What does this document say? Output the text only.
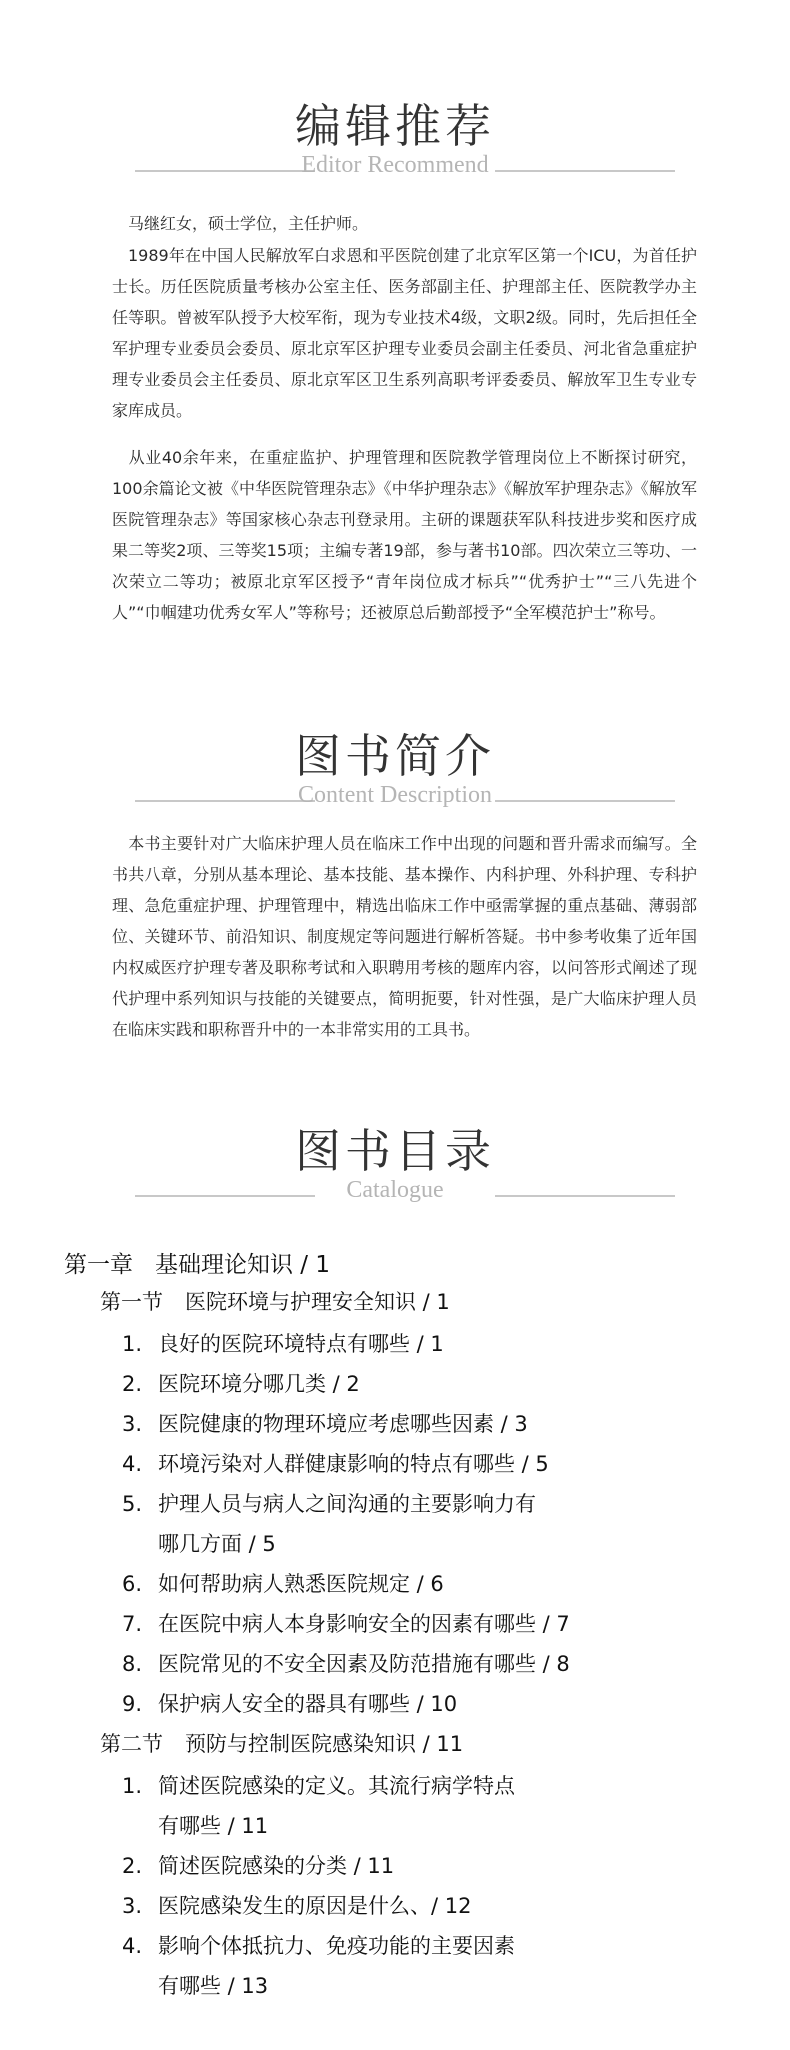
编辑推荐
Editor Recommend

马继红女，硕士学位，主任护师。

1989年在中国人民解放军白求恩和平医院创建了北京军区第一个ICU，为首任护士长。历任医院质量考核办公室主任、医务部副主任、护理部主任、医院教学办主任等职。曾被军队授予大校军衔，现为专业技术4级，文职2级。同时，先后担任全军护理专业委员会委员、原北京军区护理专业委员会副主任委员、河北省急重症护理专业委员会主任委员、原北京军区卫生系列高职考评委委员、解放军卫生专业专家库成员。

从业40余年来，在重症监护、护理管理和医院教学管理岗位上不断探讨研究，100余篇论文被《中华医院管理杂志》《中华护理杂志》《解放军护理杂志》《解放军医院管理杂志》等国家核心杂志刊登录用。主研的课题获军队科技进步奖和医疗成果二等奖2项、三等奖15项；主编专著19部，参与著书10部。四次荣立三等功、一次荣立二等功；被原北京军区授予“青年岗位成才标兵”“优秀护士”“三八先进个人”“巾帼建功优秀女军人”等称号；还被原总后勤部授予“全军模范护士”称号。

图书简介
Content Description

本书主要针对广大临床护理人员在临床工作中出现的问题和晋升需求而编写。全书共八章，分别从基本理论、基本技能、基本操作、内科护理、外科护理、专科护理、急危重症护理、护理管理中，精选出临床工作中亟需掌握的重点基础、薄弱部位、关键环节、前沿知识、制度规定等问题进行解析答疑。书中参考收集了近年国内权威医疗护理专著及职称考试和入职聘用考核的题库内容，以问答形式阐述了现代护理中系列知识与技能的关键要点，简明扼要，针对性强，是广大临床护理人员在临床实践和职称晋升中的一本非常实用的工具书。

图书目录
Catalogue
第一章 基础理论知识 / 1
第一节 医院环境与护理安全知识 / 1
1. 良好的医院环境特点有哪些 / 1
2. 医院环境分哪几类 / 2
3. 医院健康的物理环境应考虑哪些因素 / 3
4. 环境污染对人群健康影响的特点有哪些 / 5
5. 护理人员与病人之间沟通的主要影响力有
哪几方面 / 5
6. 如何帮助病人熟悉医院规定 / 6
7. 在医院中病人本身影响安全的因素有哪些 / 7
8. 医院常见的不安全因素及防范措施有哪些 / 8
9. 保护病人安全的器具有哪些 / 10
第二节 预防与控制医院感染知识 / 11
1. 简述医院感染的定义。其流行病学特点
有哪些 / 11
2. 简述医院感染的分类 / 11
3. 医院感染发生的原因是什么、/ 12
4. 影响个体抵抗力、免疫功能的主要因素
有哪些 / 13
